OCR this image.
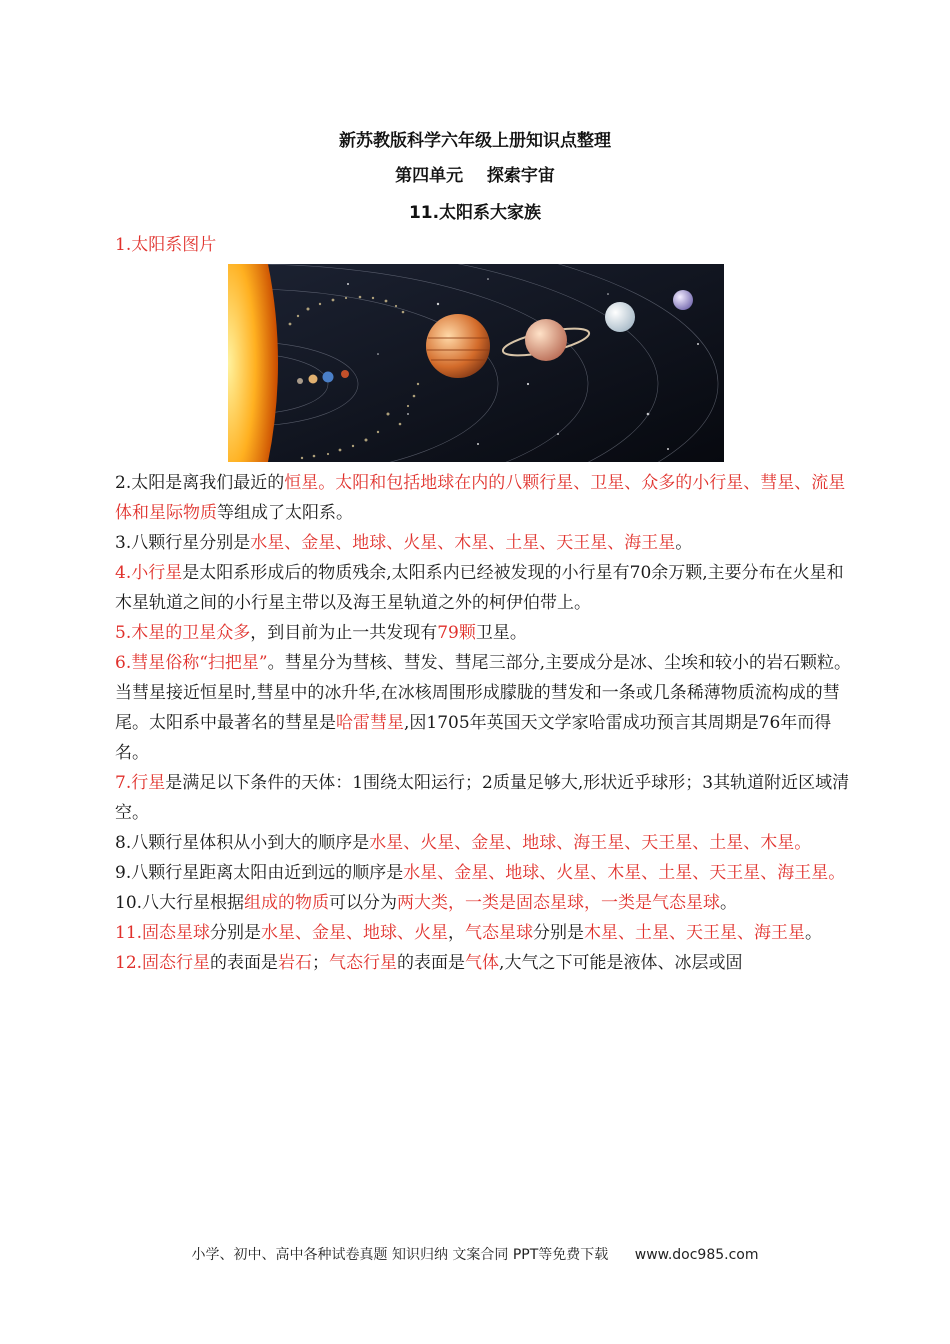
新苏教版科学六年级上册知识点整理
第四单元    探索宇宙
11.太阳系大家族

1.太阳系图片

2.太阳是离我们最近的恒星。太阳和包括地球在内的八颗行星、卫星、众多的小行星、彗星、流星体和星际物质等组成了太阳系。

3.八颗行星分别是水星、金星、地球、火星、木星、土星、天王星、海王星。

4.小行星是太阳系形成后的物质残余,太阳系内已经被发现的小行星有70余万颗,主要分布在火星和木星轨道之间的小行星主带以及海王星轨道之外的柯伊伯带上。

5.木星的卫星众多，到目前为止一共发现有79颗卫星。

6.彗星俗称“扫把星”。彗星分为彗核、彗发、彗尾三部分,主要成分是冰、尘埃和较小的岩石颗粒。当彗星接近恒星时,彗星中的冰升华,在冰核周围形成朦胧的彗发和一条或几条稀薄物质流构成的彗尾。太阳系中最著名的彗星是哈雷彗星,因1705年英国天文学家哈雷成功预言其周期是76年而得名。

7.行星是满足以下条件的天体：1围绕太阳运行；2质量足够大,形状近乎球形；3其轨道附近区域清空。

8.八颗行星体积从小到大的顺序是水星、火星、金星、地球、海王星、天王星、土星、木星。

9.八颗行星距离太阳由近到远的顺序是水星、金星、地球、火星、木星、土星、天王星、海王星。

10.八大行星根据组成的物质可以分为两大类，一类是固态星球，一类是气态星球。

11.固态星球分别是水星、金星、地球、火星，气态星球分别是木星、土星、天王星、海王星。

12.固态行星的表面是岩石；气态行星的表面是气体,大气之下可能是液体、冰层或固

小学、初中、高中各种试卷真题 知识归纳 文案合同 PPT等免费下载 www.doc985.com
